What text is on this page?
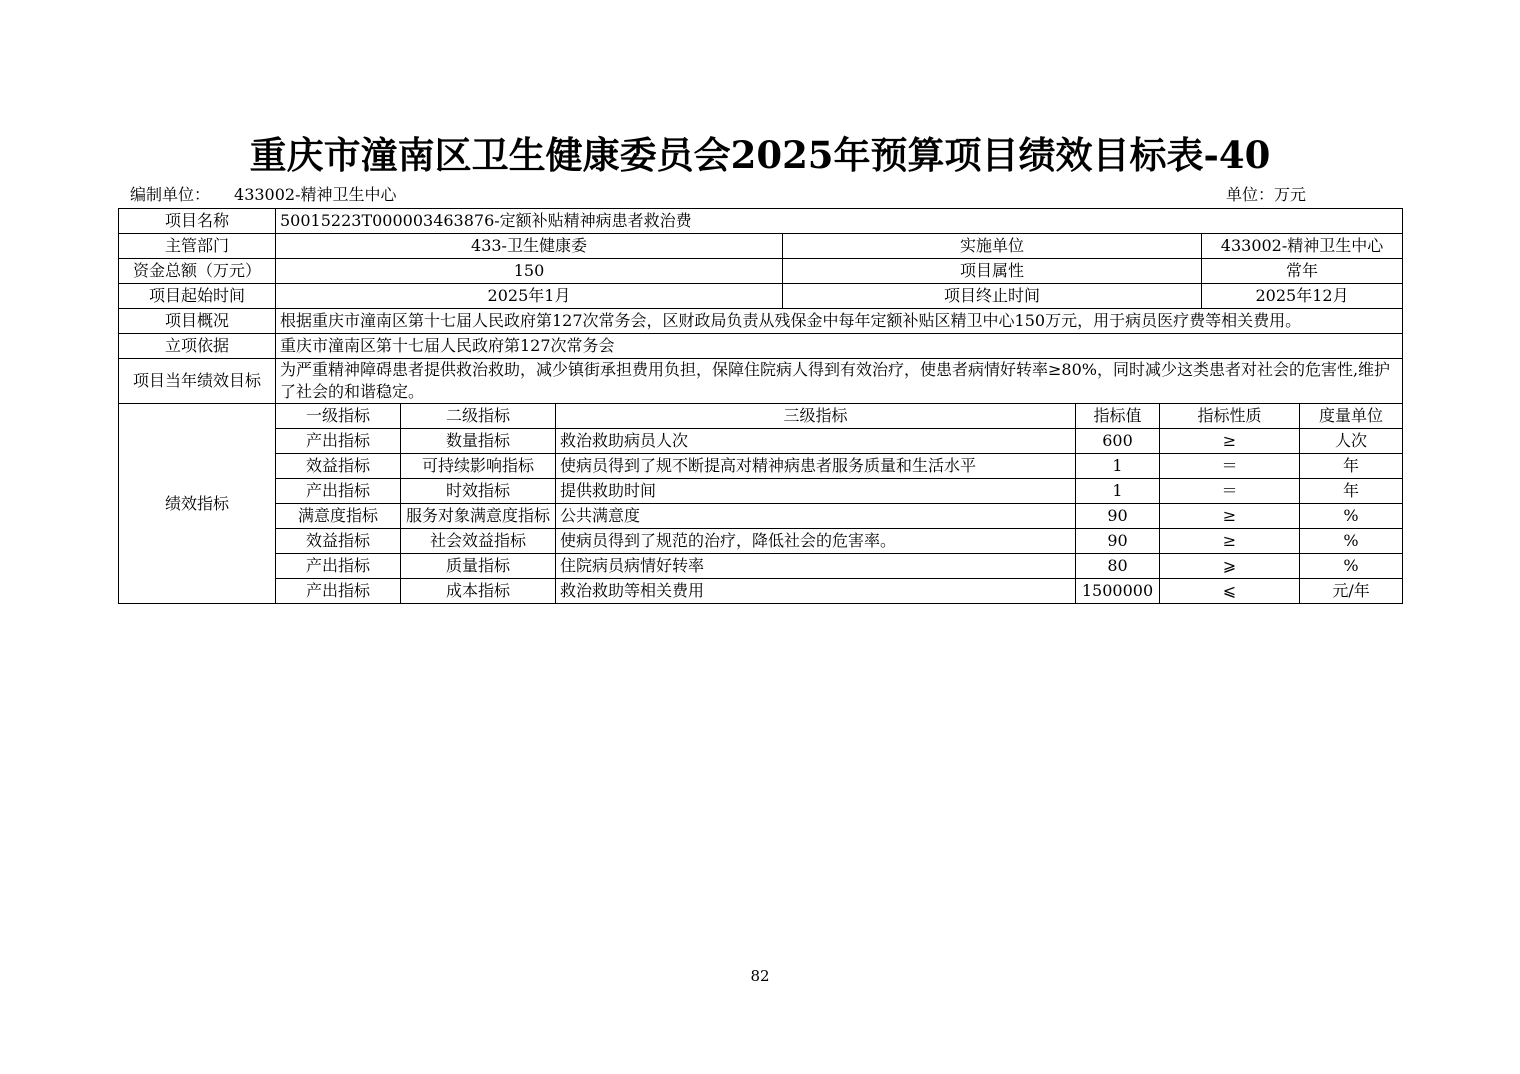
重庆市潼南区卫生健康委员会2025年预算项目绩效目标表-40
编制单位： 433002-精神卫生中心	单位：万元
项目名称	50015223T000003463876-定额补贴精神病患者救治费							
主管部门	433-卫生健康委			实施单位			433002-精神卫生中心	
资金总额（万元）	150			项目属性			常年	
项目起始时间	2025年1月			项目终止时间			2025年12月	
项目概况	根据重庆市潼南区第十七届人民政府第127次常务会，区财政局负责从残保金中每年定额补贴区精卫中心150万元，用于病员医疗费等相关费用。							
立项依据	重庆市潼南区第十七届人民政府第127次常务会							
项目当年绩效目标	为严重精神障碍患者提供救治救助，减少镇街承担费用负担，保障住院病人得到有效治疗，使患者病情好转率≥80%，同时减少这类患者对社会的危害性,维护了社会的和谐稳定。							
绩效指标	一级指标	二级指标	三级指标		指标值	指标性质		度量单位
	产出指标	数量指标	救治救助病员人次		600	≥		人次
	效益指标	可持续影响指标	使病员得到了规不断提高对精神病患者服务质量和生活水平		1	＝		年
	产出指标	时效指标	提供救助时间		1	＝		年
	满意度指标	服务对象满意度指标	公共满意度		90	≥		%
	效益指标	社会效益指标	使病员得到了规范的治疗，降低社会的危害率。		90	≥		%
	产出指标	质量指标	住院病员病情好转率		80	⩾		%
	产出指标	成本指标	救治救助等相关费用		1500000	⩽		元/年
82
